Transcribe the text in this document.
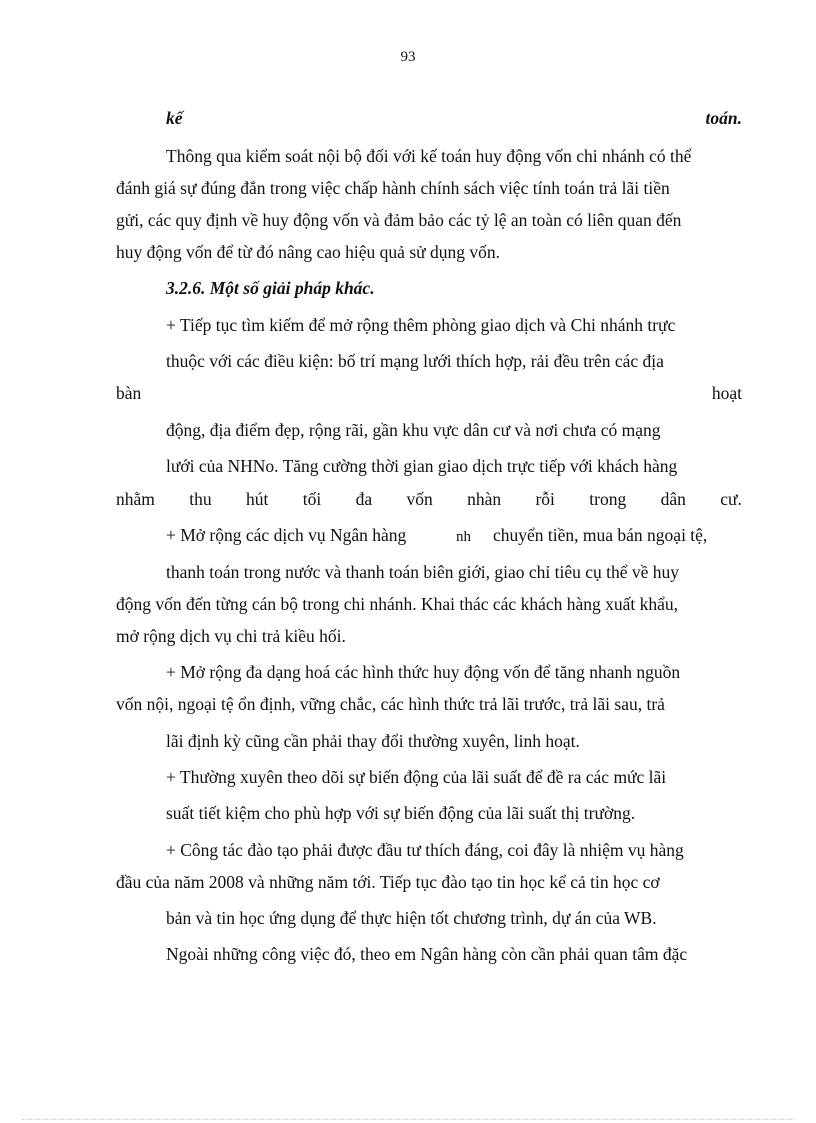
93
kế	toán.
Thông qua kiểm soát nội bộ đối với kế toán huy động vốn chi nhánh có thể
đánh giá sự đúng đắn trong việc chấp hành chính sách việc tính toán trả lãi tiền
gửi, các quy định về huy động vốn và đảm bảo các tỷ lệ an toàn có liên quan đến
huy động vốn để từ đó nâng cao hiệu quả sử dụng vốn.
3.2.6. Một số giải pháp khác.
+ Tiếp tục tìm kiếm để mở rộng thêm phòng giao dịch và Chi nhánh trực
thuộc với các điều kiện: bố trí mạng lưới thích hợp, rải đều trên các địa
bàn	hoạt
động, địa điểm đẹp, rộng rãi, gần khu vực dân cư và nơi chưa có mạng
lưới của NHNo. Tăng cường thời gian giao dịch trực tiếp với khách hàng
nhằm thu hút tối đa vốn nhàn rỗi trong dân cư.
+ Mở rộng các dịch vụ Ngân hàng	nh chuyển tiền, mua bán ngoại tệ,
thanh toán trong nước và thanh toán biên giới, giao chỉ tiêu cụ thể về huy
động vốn đến từng cán bộ trong chi nhánh. Khai thác các khách hàng xuất khẩu,
mở rộng dịch vụ chi trả kiều hối.
+ Mở rộng đa dạng hoá các hình thức huy động vốn để tăng nhanh nguồn
vốn nội, ngoại tệ ổn định, vững chắc, các hình thức trả lãi trước, trả lãi sau, trả
lãi định kỳ cũng cần phải thay đổi thường xuyên, linh hoạt.
+ Thường xuyên theo dõi sự biến động của lãi suất để đề ra các mức lãi
suất tiết kiệm cho phù hợp với sự biến động của lãi suất thị trường.
+ Công tác đào tạo phải được đầu tư thích đáng, coi đây là nhiệm vụ hàng
đầu của năm 2008 và những năm tới. Tiếp tục đào tạo tin học kể cả tin học cơ
bản và tin học ứng dụng để thực hiện tốt chương trình, dự án của WB.
Ngoài những công việc đó, theo em Ngân hàng còn cần phải quan tâm đặc
